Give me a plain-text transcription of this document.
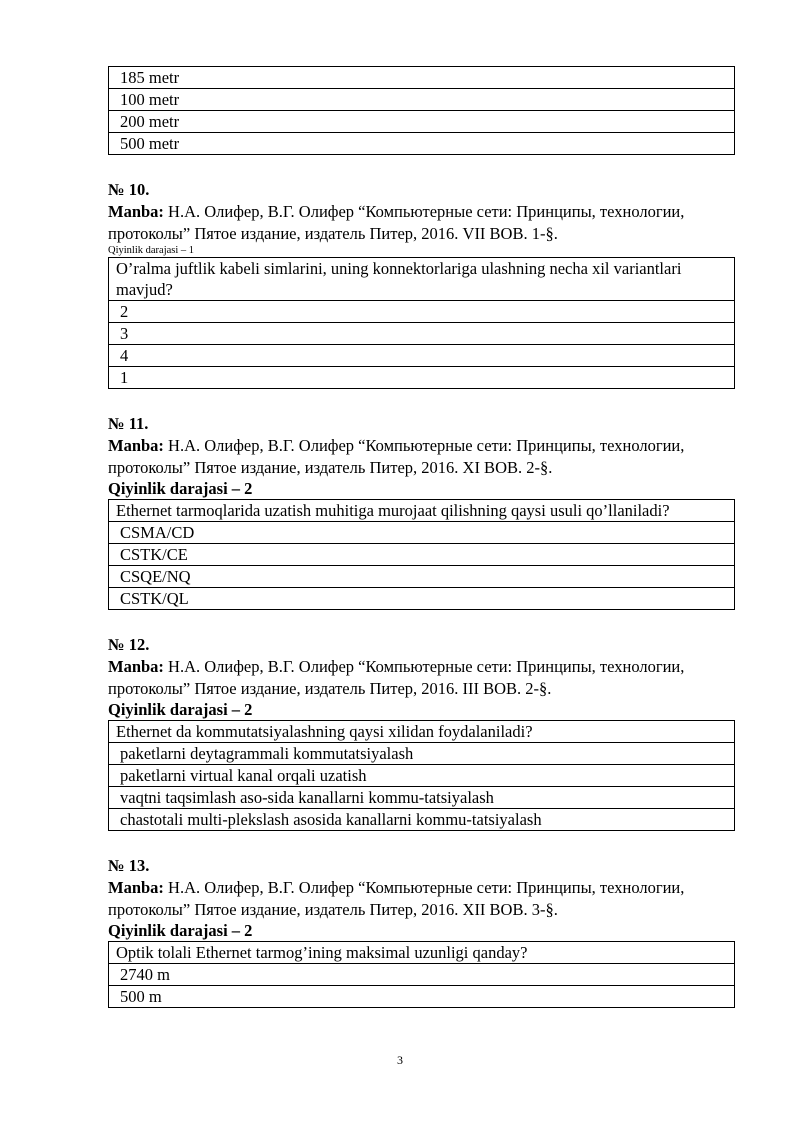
185 metr
100 metr
200 metr
500 metr
№ 10.
Manba: Н.А. Олифер, В.Г. Олифер “Компьютерные сети: Принципы, технологии, протоколы” Пятое издание, издатель Питер, 2016. VII BOB. 1-§.
Qiyinlik darajasi – 1
O’ralma juftlik kabeli simlarini, uning konnektorlariga ulashning necha xil variantlari mavjud?
2
3
4
1
№ 11.
Manba: Н.А. Олифер, В.Г. Олифер “Компьютерные сети: Принципы, технологии, протоколы” Пятое издание, издатель Питер, 2016. XI BOB. 2-§.
Qiyinlik darajasi – 2
Ethernet tarmoqlarida uzatish muhitiga murojaat qilishning qaysi usuli qo’llaniladi?
CSMA/CD
CSTK/CE
CSQE/NQ
CSTK/QL
№ 12.
Manba: Н.А. Олифер, В.Г. Олифер “Компьютерные сети: Принципы, технологии, протоколы” Пятое издание, издатель Питер, 2016. III BOB. 2-§.
Qiyinlik darajasi – 2
Ethernet da kommutatsiyalashning qaysi xilidan foydalaniladi?
paketlarni deytagrammali kommutatsiyalash
paketlarni virtual kanal orqali uzatish
vaqtni taqsimlash aso-sida kanallarni kommu-tatsiyalash
chastotali multi-plekslash asosida kanallarni kommu-tatsiyalash
№ 13.
Manba: Н.А. Олифер, В.Г. Олифер “Компьютерные сети: Принципы, технологии, протоколы” Пятое издание, издатель Питер, 2016. XII BOB. 3-§.
Qiyinlik darajasi – 2
Optik tolali Ethernet tarmog’ining maksimal uzunligi qanday?
2740 m
500 m
3
